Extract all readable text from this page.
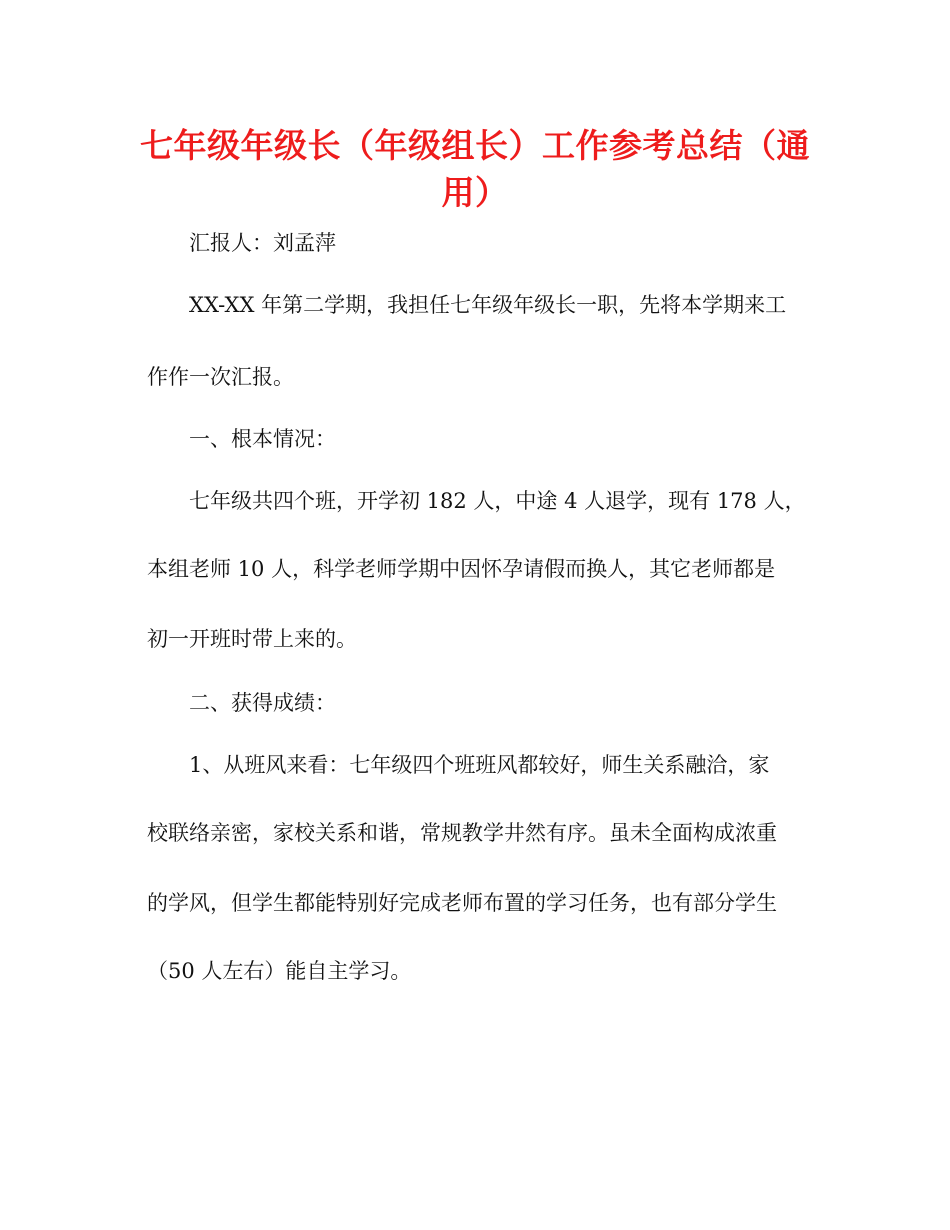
七年级年级长（年级组长）工作参考总结（通
用）
汇报人：刘孟萍
XX-XX 年第二学期，我担任七年级年级长一职，先将本学期来工
作作一次汇报。
一、根本情况：
七年级共四个班，开学初 182 人，中途 4 人退学，现有 178 人，
本组老师 10 人，科学老师学期中因怀孕请假而换人，其它老师都是
初一开班时带上来的。
二、获得成绩：
1、从班风来看：七年级四个班班风都较好，师生关系融洽，家
校联络亲密，家校关系和谐，常规教学井然有序。虽未全面构成浓重
的学风，但学生都能特别好完成老师布置的学习任务，也有部分学生
（50 人左右）能自主学习。
